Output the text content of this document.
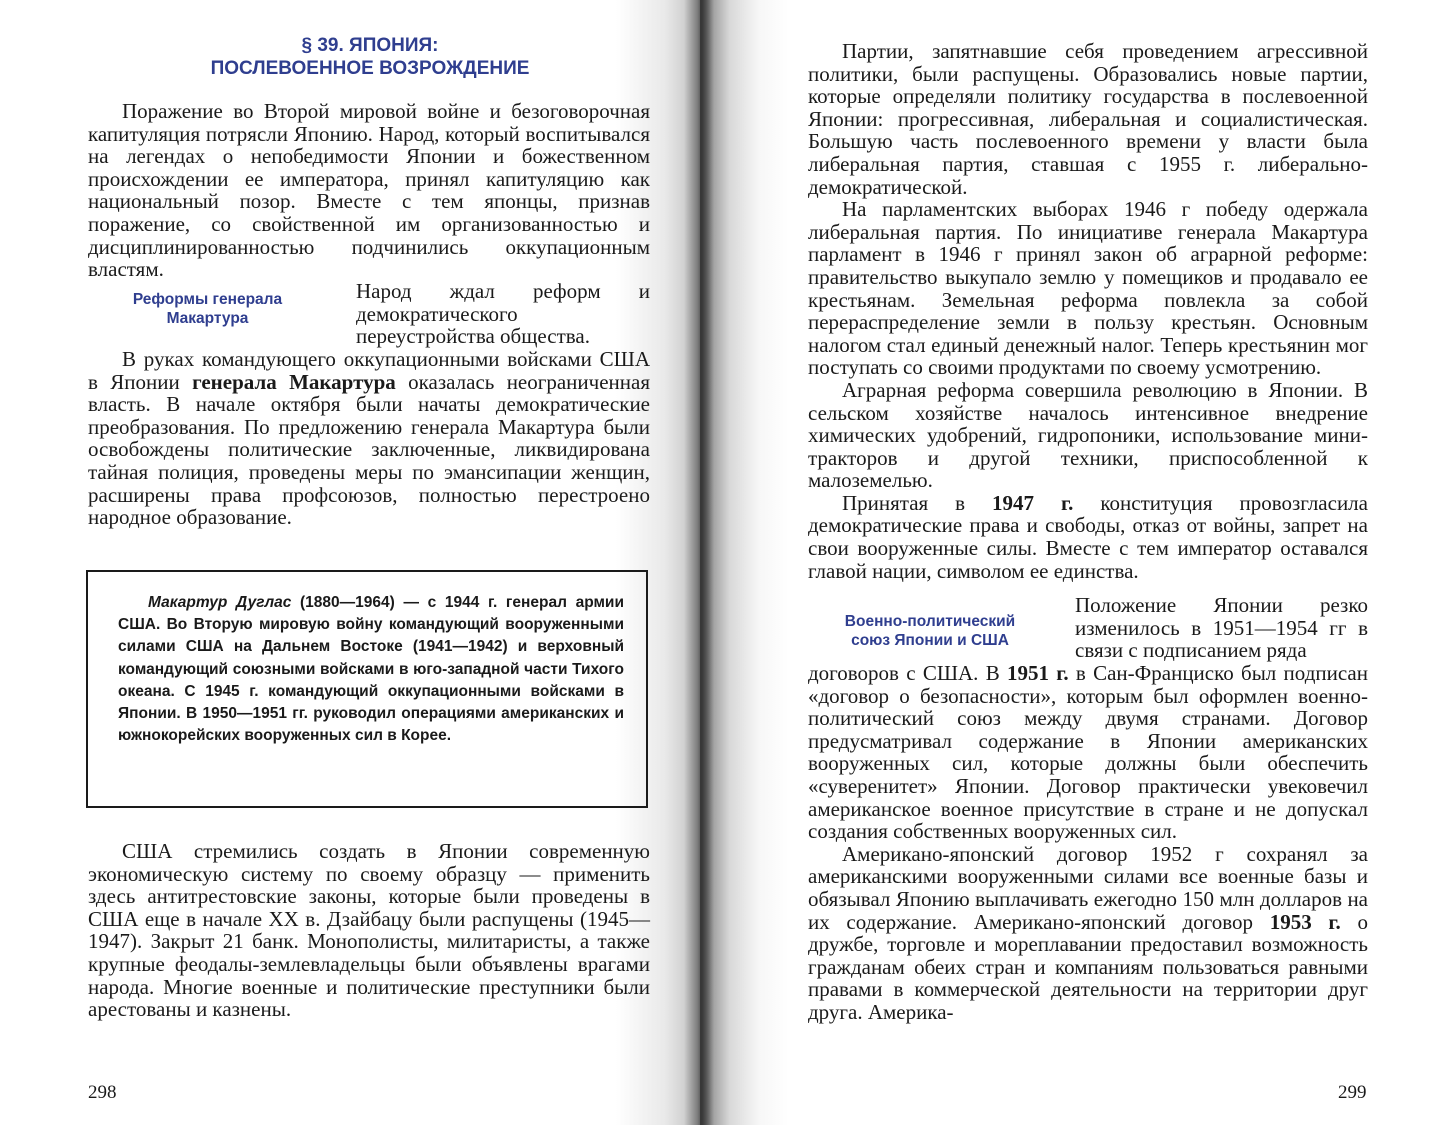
§ 39. ЯПОНИЯ:
ПОСЛЕВОЕННОЕ ВОЗРОЖДЕНИЕ

Поражение во Второй мировой войне и безоговорочная капитуляция потрясли Японию. Народ, который воспитывался на легендах о непобедимости Японии и божественном происхождении ее императора, принял капитуляцию как национальный позор. Вместе с тем японцы, признав поражение, со свойственной им организованностью и дисциплинированностью подчинились оккупационным властям.

Реформы генерала
Макартура

Народ ждал реформ и демократического переустройства общества.

В руках командующего оккупационными войсками США в Японии генерала Макартура оказалась неограниченная власть. В начале октября были начаты демократические преобразования. По предложению генерала Макартура были освобождены политические заключенные, ликвидирована тайная полиция, проведены меры по эмансипации женщин, расширены права профсоюзов, полностью перестроено народное образование.

Макартур Дуглас (1880—1964) — с 1944 г. генерал армии США. Во Вторую мировую войну командующий вооруженными силами США на Дальнем Востоке (1941—1942) и верховный командующий союзными войсками в юго-западной части Тихого океана. С 1945 г. командующий оккупационными войсками в Японии. В 1950—1951 гг. руководил операциями американских и южнокорейских вооруженных сил в Корее.

США стремились создать в Японии современную экономическую систему по своему образцу — применить здесь антитрестовские законы, которые были проведены в США еще в начале XX в. Дзайбацу были распущены (1945—1947). Закрыт 21 банк. Монополисты, милитаристы, а также крупные феодалы-землевладельцы были объявлены врагами народа. Многие военные и политические преступники были арестованы и казнены.

298

Партии, запятнавшие себя проведением агрессивной политики, были распущены. Образовались новые партии, которые определяли политику государства в послевоенной Японии: прогрессивная, либеральная и социалистическая. Большую часть послевоенного времени у власти была либеральная партия, ставшая с 1955 г. либерально-демократической.

На парламентских выборах 1946 г победу одержала либеральная партия. По инициативе генерала Макартура парламент в 1946 г принял закон об аграрной реформе: правительство выкупало землю у помещиков и продавало ее крестьянам. Земельная реформа повлекла за собой перераспределение земли в пользу крестьян. Основным налогом стал единый денежный налог. Теперь крестьянин мог поступать со своими продуктами по своему усмотрению.

Аграрная реформа совершила революцию в Японии. В сельском хозяйстве началось интенсивное внедрение химических удобрений, гидропоники, использование мини-тракторов и другой техники, приспособленной к малоземелью.

Принятая в 1947 г. конституция провозгласила демократические права и свободы, отказ от войны, запрет на свои вооруженные силы. Вместе с тем император оставался главой нации, символом ее единства.

Военно-политический
союз Японии и США

Положение Японии резко изменилось в 1951—1954 гг в связи с подписанием ряда

договоров с США. В 1951 г. в Сан-Франциско был подписан «договор о безопасности», которым был оформлен военно-политический союз между двумя странами. Договор предусматривал содержание в Японии американских вооруженных сил, которые должны были обеспечить «суверенитет» Японии. Договор практически увековечил американское военное присутствие в стране и не допускал создания собственных вооруженных сил.

Американо-японский договор 1952 г сохранял за американскими вооруженными силами все военные базы и обязывал Японию выплачивать ежегодно 150 млн долларов на их содержание. Американо-японский договор 1953 г. о дружбе, торговле и мореплавании предоставил возможность гражданам обеих стран и компаниям пользоваться равными правами в коммерческой деятельности на территории друг друга. Америка-

299
